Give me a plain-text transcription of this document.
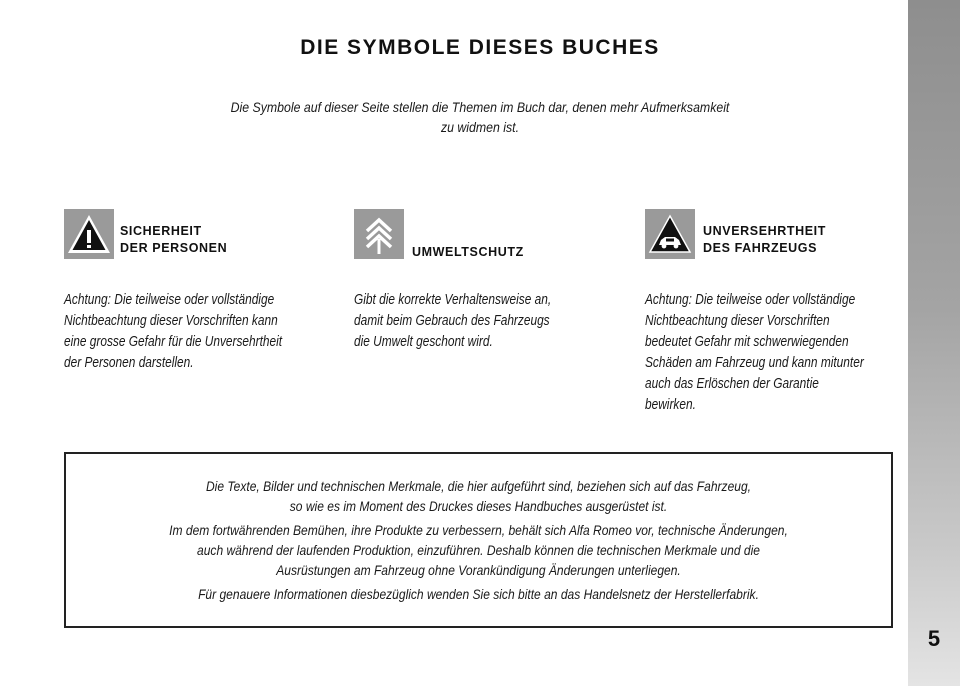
5
DIE SYMBOLE DIESES BUCHES
Die Symbole auf dieser Seite stellen die Themen im Buch dar, denen mehr Aufmerksamkeit
zu widmen ist.
SICHERHEIT
DER PERSONEN
Achtung: Die teilweise oder vollständige
Nichtbeachtung dieser Vorschriften kann
eine grosse Gefahr für die Unversehrtheit
der Personen darstellen.
UMWELTSCHUTZ
Gibt die korrekte Verhaltensweise an,
damit beim Gebrauch des Fahrzeugs
die Umwelt geschont wird.
UNVERSEHRTHEIT
DES FAHRZEUGS
Achtung: Die teilweise oder vollständige
Nichtbeachtung dieser Vorschriften
bedeutet Gefahr mit schwerwiegenden
Schäden am Fahrzeug und kann mitunter
auch das Erlöschen der Garantie
bewirken.

Die Texte, Bilder und technischen Merkmale, die hier aufgeführt sind, beziehen sich auf das Fahrzeug,
so wie es im Moment des Druckes dieses Handbuches ausgerüstet ist.

Im dem fortwährenden Bemühen, ihre Produkte zu verbessern, behält sich Alfa Romeo vor, technische Änderungen,
auch während der laufenden Produktion, einzuführen. Deshalb können die technischen Merkmale und die
Ausrüstungen am Fahrzeug ohne Vorankündigung Änderungen unterliegen.

Für genauere Informationen diesbezüglich wenden Sie sich bitte an das Handelsnetz der Herstellerfabrik.
